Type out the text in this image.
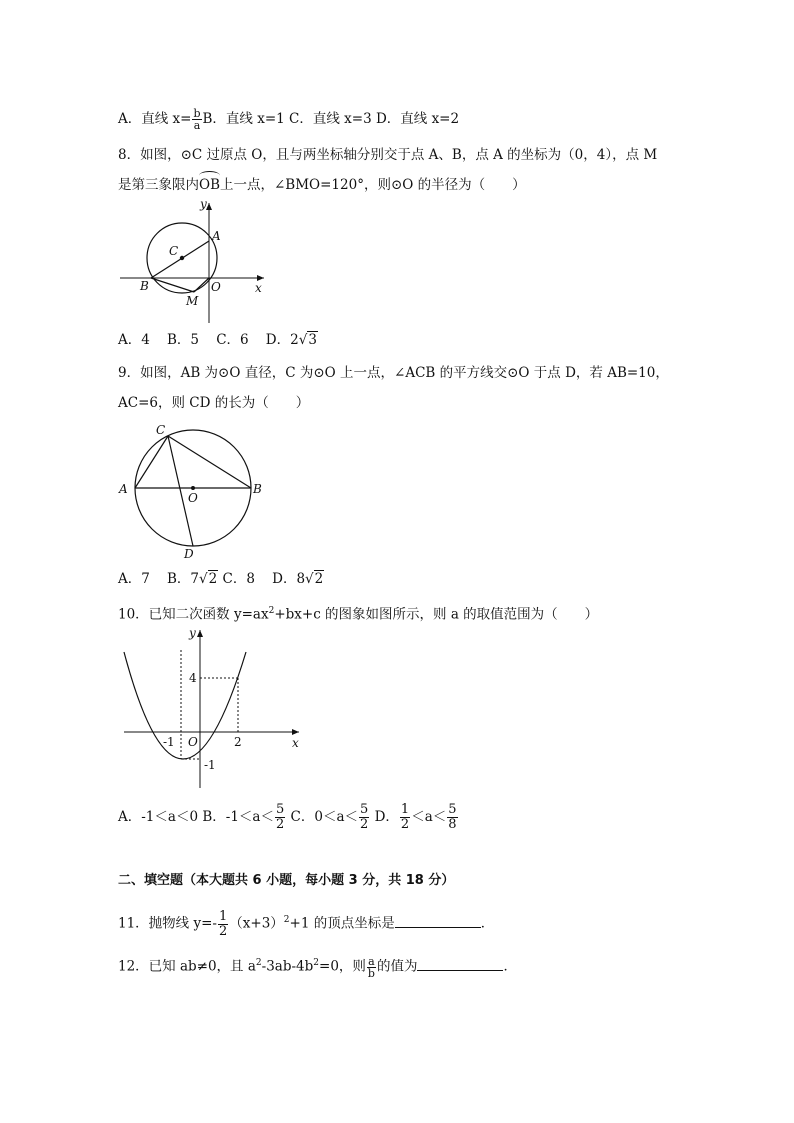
A．直线 $x= \frac{b}{a}$ B．直线 x=1 C．直线 x=3 D．直线 x=2
8．如图，⊙C 过原点 O，且与两坐标轴分别交于点 A、B，点 A 的坐标为（0，4），点 M
是第三象限内OB上一点，∠BMO=120°，则⊙O 的半径为（　　）
y
x
C
A
B	O
M
A．4 B．5 C．6 D．2√3
9．如图，AB 为⊙O 直径，C 为⊙O 上一点，∠ACB 的平方线交⊙O 于点 D，若 AB=10，
AC=6，则 CD 的长为（　　）
C
A
O
B
D
A．7 B．7√2 C．8 D．8√2
10．已知二次函数 $y=ax^2+bx+c$ 的图象如图所示，则 a 的取值范围为（　　）
y
x
4
-1 O	2
-1
A．-1＜a＜0 B．$-1<a< \frac{5}{2}$ C．$0<a< \frac{5}{2}$ D． $\frac{1}{2} <a< \frac{5}{8}$
二、填空题（本大题共 6 小题，每小题 3 分，共 18 分）
11．抛物线 $y=- \frac{1}{2} (x+3)^2+1$ 的顶点坐标是	．
12．已知 ab≠0，且 $a^2-3ab-4b^2=0$，则 $\frac{a}{b}$ 的值为	．
